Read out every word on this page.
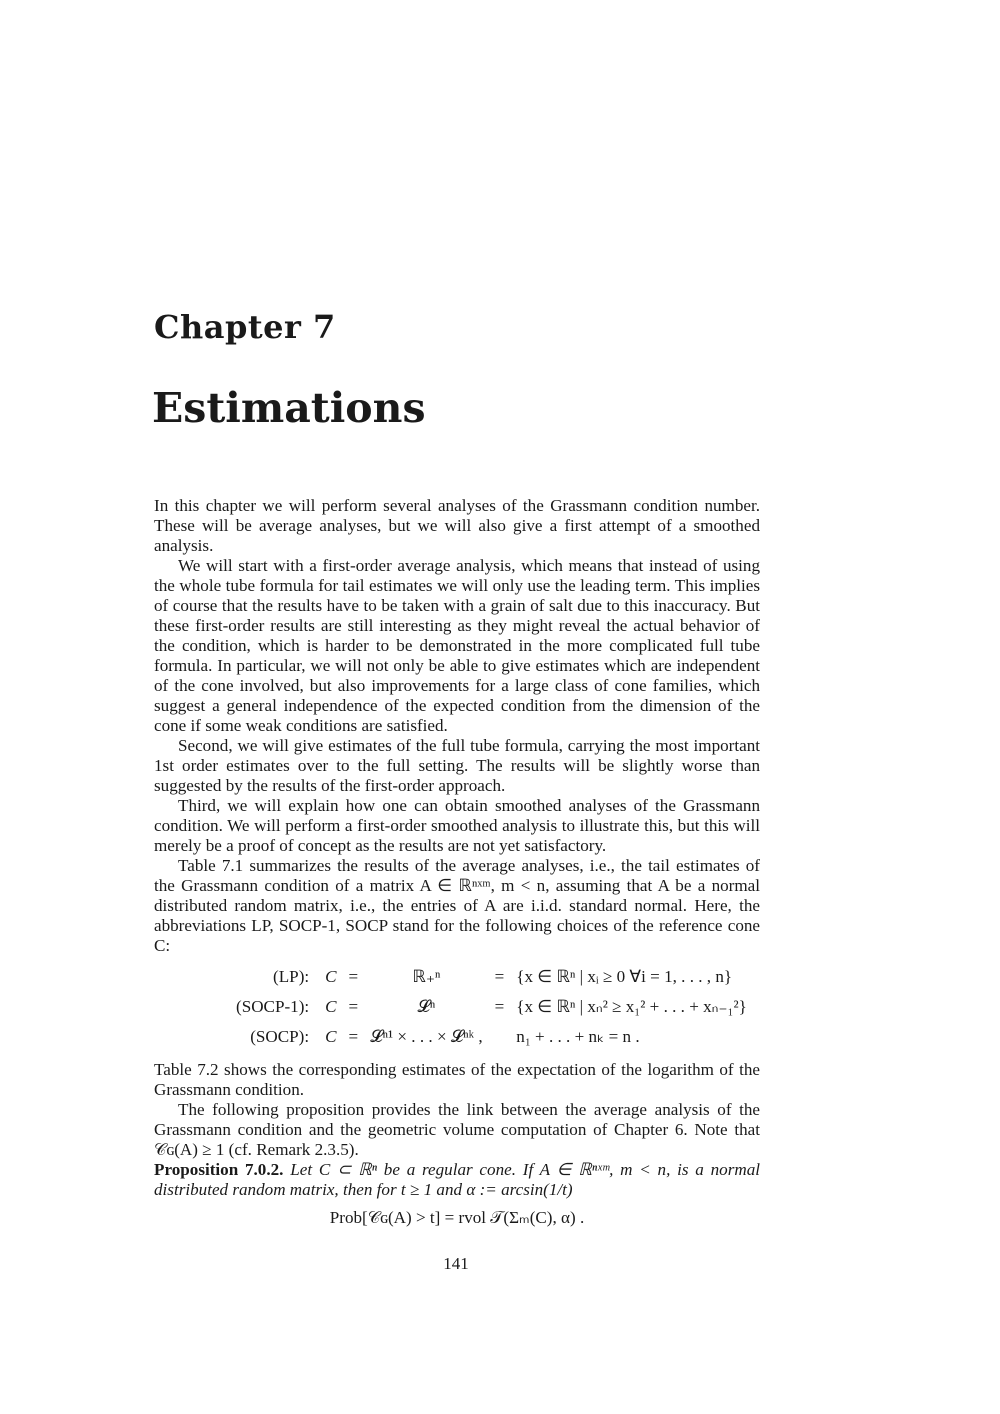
Chapter 7
Estimations

In this chapter we will perform several analyses of the Grassmann condition number. These will be average analyses, but we will also give a first attempt of a smoothed analysis.

We will start with a first-order average analysis, which means that instead of using the whole tube formula for tail estimates we will only use the leading term. This implies of course that the results have to be taken with a grain of salt due to this inaccuracy. But these first-order results are still interesting as they might reveal the actual behavior of the condition, which is harder to be demonstrated in the more complicated full tube formula. In particular, we will not only be able to give estimates which are independent of the cone involved, but also improvements for a large class of cone families, which suggest a general independence of the expected condition from the dimension of the cone if some weak conditions are satisfied.

Second, we will give estimates of the full tube formula, carrying the most important 1st order estimates over to the full setting. The results will be slightly worse than suggested by the results of the first-order approach.

Third, we will explain how one can obtain smoothed analyses of the Grassmann condition. We will perform a first-order smoothed analysis to illustrate this, but this will merely be a proof of concept as the results are not yet satisfactory.

Table 7.1 summarizes the results of the average analyses, i.e., the tail estimates of the Grassmann condition of a matrix A ∈ ℝⁿˣᵐ, m < n, assuming that A be a normal distributed random matrix, i.e., the entries of A are i.i.d. standard normal. Here, the abbreviations LP, SOCP-1, SOCP stand for the following choices of the reference cone C:

(LP):	C	=	ℝ₊ⁿ	=	{x ∈ ℝⁿ | xᵢ ≥ 0 ∀i = 1, . . . , n}
(SOCP-1):	C	=	𝓛ⁿ	=	{x ∈ ℝⁿ | xₙ² ≥ x₁² + . . . + xₙ₋₁²}
(SOCP):	C	=	𝓛ⁿ¹ × . . . × 𝓛ⁿᵏ ,		n₁ + . . . + nₖ = n .

Table 7.2 shows the corresponding estimates of the expectation of the logarithm of the Grassmann condition.

The following proposition provides the link between the average analysis of the Grassmann condition and the geometric volume computation of Chapter 6. Note that 𝒞ɢ(A) ≥ 1 (cf. Remark 2.3.5).

Proposition 7.0.2. Let C ⊂ ℝⁿ be a regular cone. If A ∈ ℝⁿˣᵐ, m < n, is a normal distributed random matrix, then for t ≥ 1 and α := arcsin(1/t)

Prob[𝒞ɢ(A) > t] = rvol 𝒯(Σₘ(C), α) .
141
